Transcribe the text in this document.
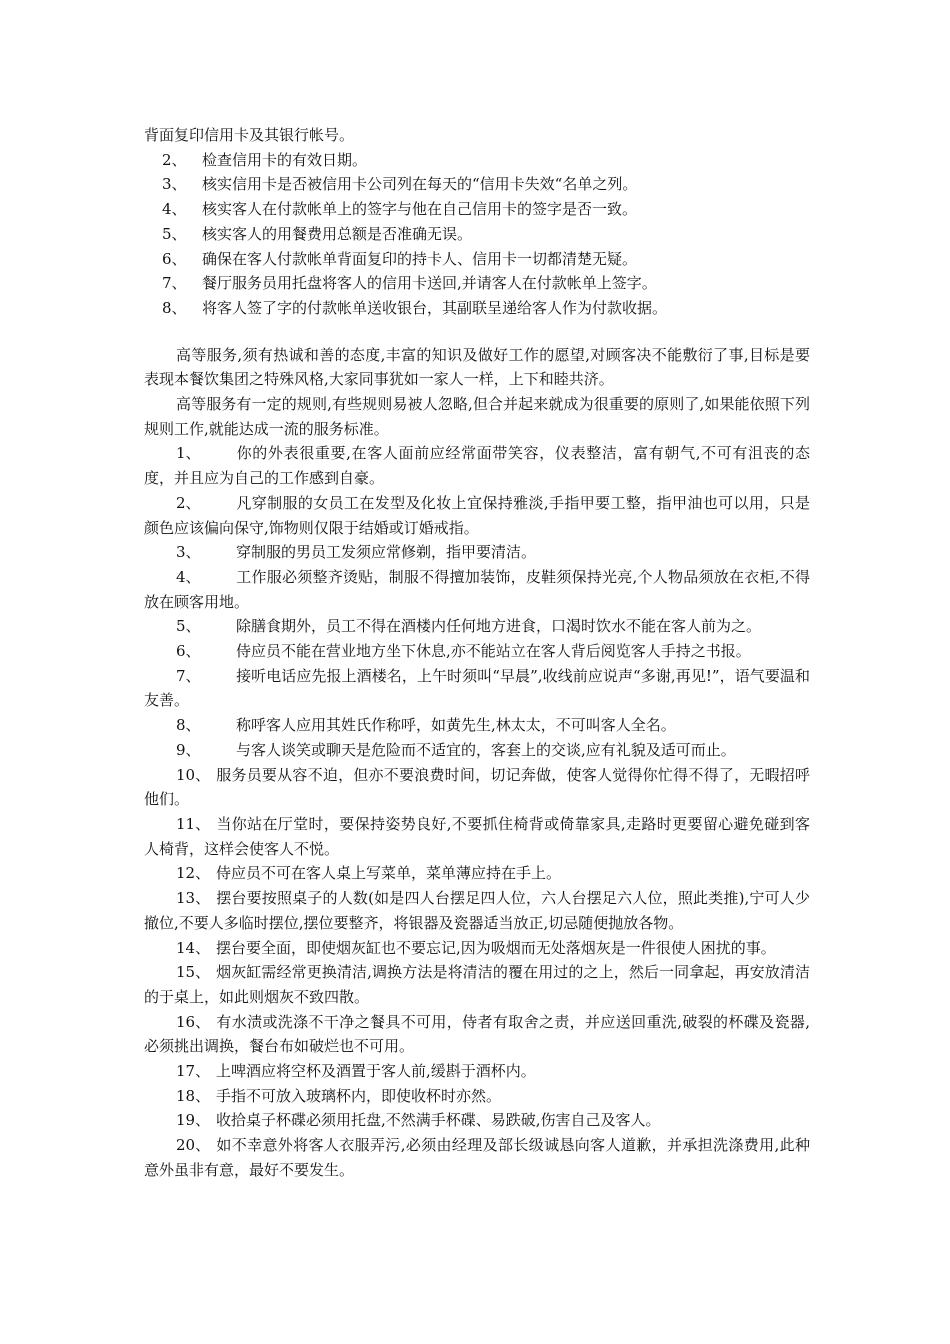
背面复印信用卡及其银行帐号。

2、 检查信用卡的有效日期。

3、 核实信用卡是否被信用卡公司列在每天的“信用卡失效“名单之列。

4、 核实客人在付款帐单上的签字与他在自己信用卡的签字是否一致。

5、 核实客人的用餐费用总额是否准确无误。

6、 确保在客人付款帐单背面复印的持卡人、信用卡一切都清楚无疑。

7、 餐厅服务员用托盘将客人的信用卡送回,并请客人在付款帐单上签字。

8、 将客人签了字的付款帐单送收银台，其副联呈递给客人作为付款收据。

高等服务,须有热诚和善的态度,丰富的知识及做好工作的愿望,对顾客决不能敷衍了事,目标是要表现本餐饮集团之特殊风格,大家同事犹如一家人一样，上下和睦共济。

高等服务有一定的规则,有些规则易被人忽略,但合并起来就成为很重要的原则了,如果能依照下列规则工作,就能达成一流的服务标准。

1、 你的外表很重要,在客人面前应经常面带笑容，仪表整洁，富有朝气,不可有沮丧的态度，并且应为自己的工作感到自豪。

2、 凡穿制服的女员工在发型及化妆上宜保持雅淡,手指甲要工整，指甲油也可以用，只是颜色应该偏向保守,饰物则仅限于结婚或订婚戒指。

3、 穿制服的男员工发须应常修剃，指甲要清洁。

4、 工作服必须整齐烫贴，制服不得擅加装饰，皮鞋须保持光亮,个人物品须放在衣柜,不得放在顾客用地。

5、 除膳食期外，员工不得在酒楼内任何地方进食，口渴时饮水不能在客人前为之。

6、 侍应员不能在营业地方坐下休息,亦不能站立在客人背后阅览客人手持之书报。

7、 接听电话应先报上酒楼名，上午时须叫“早晨”,收线前应说声“多谢,再见!”，语气要温和友善。

8、 称呼客人应用其姓氏作称呼，如黄先生,林太太，不可叫客人全名。

9、 与客人谈笑或聊天是危险而不适宜的，客套上的交谈,应有礼貌及适可而止。

10、 服务员要从容不迫，但亦不要浪费时间，切记奔做，使客人觉得你忙得不得了，无暇招呼他们。

11、 当你站在厅堂时，要保持姿势良好,不要抓住椅背或倚靠家具,走路时更要留心避免碰到客人椅背，这样会使客人不悦。

12、 侍应员不可在客人桌上写菜单，菜单薄应持在手上。

13、 摆台要按照桌子的人数(如是四人台摆足四人位，六人台摆足六人位，照此类推),宁可人少撤位,不要人多临时摆位,摆位要整齐，将银器及瓷器适当放正,切忌随便抛放各物。

14、 摆台要全面，即使烟灰缸也不要忘记,因为吸烟而无处落烟灰是一件很使人困扰的事。

15、 烟灰缸需经常更换清洁,调换方法是将清洁的覆在用过的之上，然后一同拿起，再安放清洁的于桌上，如此则烟灰不致四散。

16、 有水渍或洗涤不干净之餐具不可用，侍者有取舍之责，并应送回重洗,破裂的杯碟及瓷器,必须挑出调换，餐台布如破烂也不可用。

17、 上啤酒应将空杯及酒置于客人前,缓斟于酒杯内。

18、 手指不可放入玻璃杯内，即使收杯时亦然。

19、 收拾桌子杯碟必须用托盘,不然满手杯碟、易跌破,伤害自己及客人。

20、 如不幸意外将客人衣服弄污,必须由经理及部长级诚恳向客人道歉，并承担洗涤费用,此种意外虽非有意，最好不要发生。
